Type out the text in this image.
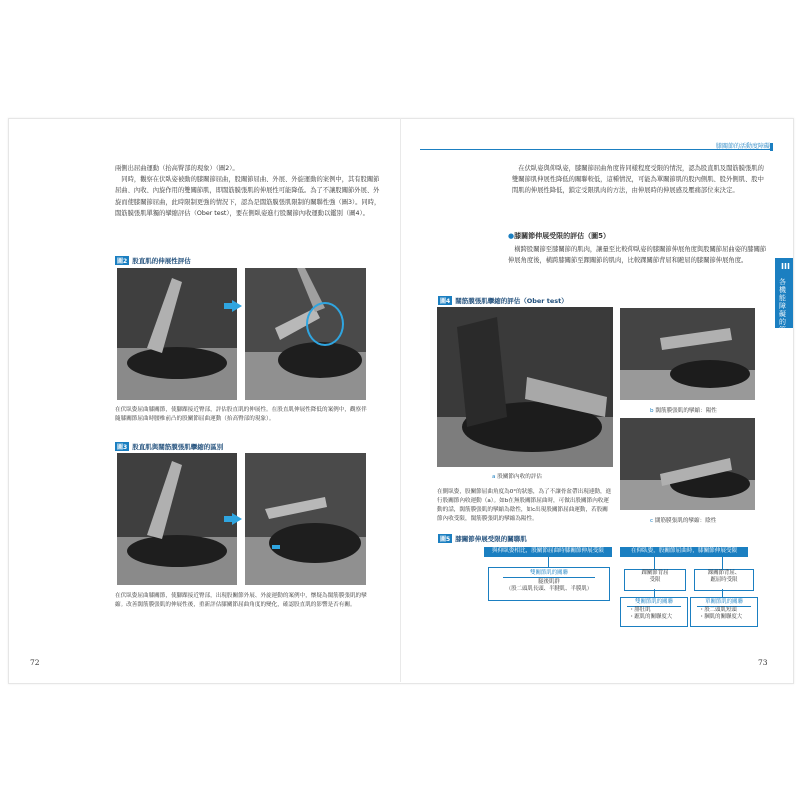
膝關節的活動度障礙
III
各機能障礙的管理
兩側出屈曲運動（抬高臀部的現象）（圖2）。
　同時，觀察在伏臥姿被動的膝關節屈曲，股關節屈曲、外展、外旋運動的案例中，其有股關節屈曲、內收、內旋作用的雙關節肌，即闊筋膜張肌的伸展性可能降低。為了不讓股關節外展、外旋而使膝關節屈曲，此時限制更強的情況下，認為是闊筋膜張肌限制的關聯性強（圖3）。同時，闊筋膜張肌單獨的攣縮評估（Ober test），要在側臥姿進行股關節內收運動以鑑別（圖4）。
圖2 股直肌的伸展性評估
在伏臥姿屈曲膝關節，使腳踝接近臀部，評估股直肌的伸展性。在股直肌伸展性降低的案例中，觀察伴隨膝關節屈曲時腰椎前凸的股關節屈曲運動（抬高臀部的現象）。
圖3 股直肌與闊筋膜張肌攣縮的區別
在伏臥姿屈曲膝關節，使腳踝接近臀部，出現股關節外展、外旋運動的案例中，懷疑為闊筋膜張肌的攣縮。改善闊筋膜張肌的伸展性後，重新評估膝關節屈曲角度的變化，確認股直肌的影響是否有關。
72
　在伏臥姿與仰臥姿，膝關節屈曲角度皆同樣程度受限的情況，認為股直肌及闊筋膜張肌的雙關節肌伸展性降低的關聯較低，這種情況，可能為單關節肌的股內側肌、股外側肌、股中間肌的伸展性降低，鎖定受限肌肉的方法，由伸展時的伸展感及壓痛部位來決定。
●膝關節伸展受限的評估（圖5）
　橫跨股關節至膝關節的肌肉，讓量至比較仰臥姿的膝關節伸展角度與股關節屈曲姿的膝關節伸展角度後，橫跨膝關節至踝關節的肌肉，比較踝關節背屈和蹠屈的膝關節伸展角度。
圖4 闊筋膜張肌攣縮的評估（Ober test）
a 股關節內收的評估
b 闊筋膜張肌的攣縮：陽性
c 闊筋膜張肌的攣縮：陰性
在側臥姿，股關節屈曲角度為0°的狀態，為了不讓骨盆帶出現連動，進行股關節內收運動（a）。如b在無股關節屈曲時，可做出股關節內收運動的話，闊筋膜張肌的攣縮為陰性，如c出現股關節屈曲運動，若股關節內收受限，闊筋膜張肌的攣縮為陽性。
圖5 膝關節伸展受限的關聯肌
與仰臥姿相比，股關節屈曲時膝關節伸展受限	在仰臥姿，股關節屈曲時，膝關節伸展受限
雙關節肌的關聯
腿後肌群
（股二頭肌長頭、半腱肌、半膜肌）
踝關節背屈
受限
踝關節背屈、
蹠屈時受限
雙關節肌的關聯
・腓肚肌
・蹠肌的關聯度大
單關節肌的關聯
・股二頭肌短頭
・膕肌的關聯度大
73
